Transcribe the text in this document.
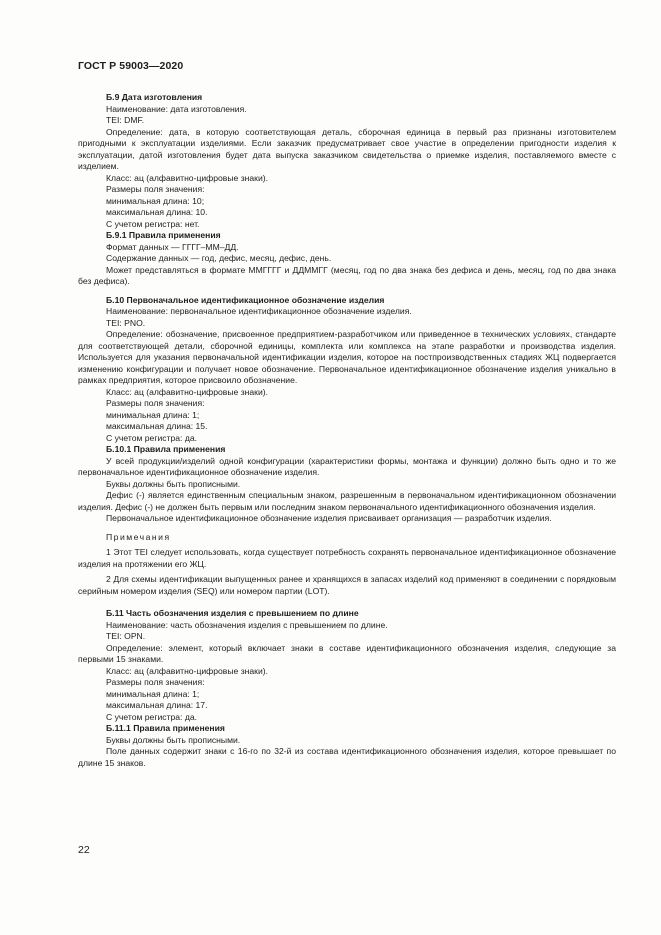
ГОСТ Р 59003—2020

Б.9 Дата изготовления

Наименование: дата изготовления.

TEI: DMF.

Определение: дата, в которую соответствующая деталь, сборочная единица в первый раз признаны изготовителем пригодными к эксплуатации изделиями. Если заказчик предусматривает свое участие в определении пригодности изделия к эксплуатации, датой изготовления будет дата выпуска заказчиком свидетельства о приемке изделия, поставляемого вместе с изделием.

Класс: ац (алфавитно-цифровые знаки).

Размеры поля значения:

минимальная длина: 10;

максимальная длина: 10.

С учетом регистра: нет.

Б.9.1 Правила применения

Формат данных — ГГГГ–ММ–ДД.

Содержание данных — год, дефис, месяц, дефис, день.

Может представляться в формате ММГГГГ и ДДММГГ (месяц, год по два знака без дефиса и день, месяц, год по два знака без дефиса).

Б.10 Первоначальное идентификационное обозначение изделия

Наименование: первоначальное идентификационное обозначение изделия.

TEI: PNO.

Определение: обозначение, присвоенное предприятием-разработчиком или приведенное в технических условиях, стандарте для соответствующей детали, сборочной единицы, комплекта или комплекса на этапе разработки и производства изделия. Используется для указания первоначальной идентификации изделия, которое на постпроизводственных стадиях ЖЦ подвергается изменению конфигурации и получает новое обозначение. Первоначальное идентификационное обозначение изделия уникально в рамках предприятия, которое присвоило обозначение.

Класс: ац (алфавитно-цифровые знаки).

Размеры поля значения:

минимальная длина: 1;

максимальная длина: 15.

С учетом регистра: да.

Б.10.1 Правила применения

У всей продукции/изделий одной конфигурации (характеристики формы, монтажа и функции) должно быть одно и то же первоначальное идентификационное обозначение изделия.

Буквы должны быть прописными.

Дефис (-) является единственным специальным знаком, разрешенным в первоначальном идентификационном обозначении изделия. Дефис (-) не должен быть первым или последним знаком первоначального идентификационного обозначения изделия.

Первоначальное идентификационное обозначение изделия присваивает организация — разработчик изделия.

Примечания

1 Этот TEI следует использовать, когда существует потребность сохранять первоначальное идентификационное обозначение изделия на протяжении его ЖЦ.

2 Для схемы идентификации выпущенных ранее и хранящихся в запасах изделий код применяют в соединении с порядковым серийным номером изделия (SEQ) или номером партии (LOT).

Б.11 Часть обозначения изделия с превышением по длине

Наименование: часть обозначения изделия с превышением по длине.

TEI: OPN.

Определение: элемент, который включает знаки в составе идентификационного обозначения изделия, следующие за первыми 15 знаками.

Класс: ац (алфавитно-цифровые знаки).

Размеры поля значения:

минимальная длина: 1;

максимальная длина: 17.

С учетом регистра: да.

Б.11.1 Правила применения

Буквы должны быть прописными.

Поле данных содержит знаки с 16-го по 32-й из состава идентификационного обозначения изделия, которое превышает по длине 15 знаков.

22
